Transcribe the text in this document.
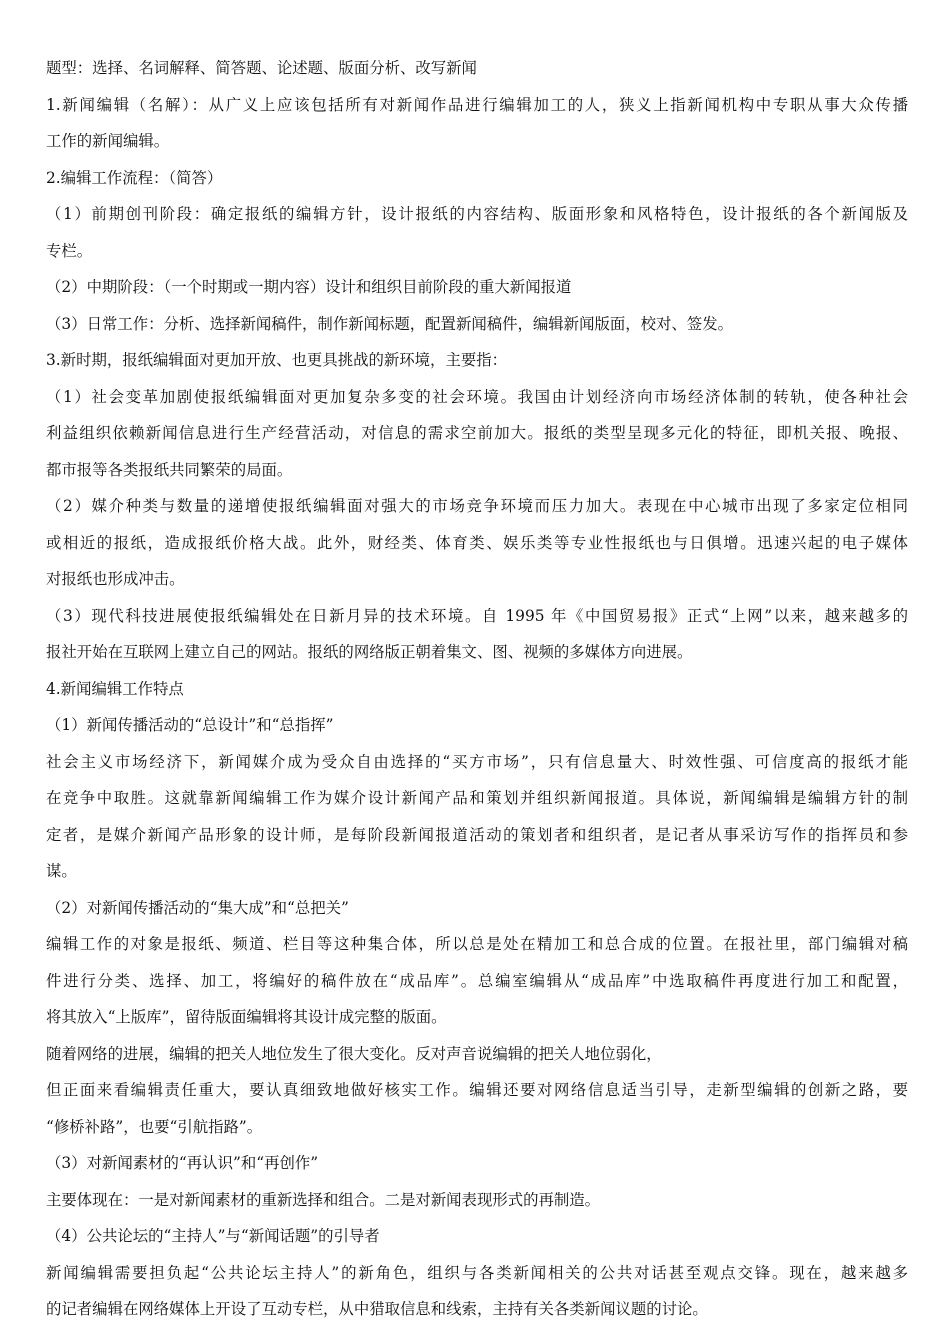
题型：选择、名词解释、简答题、论述题、版面分析、改写新闻

1.新闻编辑（名解）：从广义上应该包括所有对新闻作品进行编辑加工的人，狭义上指新闻机构中专职从事大众传播

工作的新闻编辑。

2.编辑工作流程：（简答）

（1）前期创刊阶段：确定报纸的编辑方针，设计报纸的内容结构、版面形象和风格特色，设计报纸的各个新闻版及

专栏。

（2）中期阶段：（一个时期或一期内容）设计和组织目前阶段的重大新闻报道

（3）日常工作：分析、选择新闻稿件，制作新闻标题，配置新闻稿件，编辑新闻版面，校对、签发。

3.新时期，报纸编辑面对更加开放、也更具挑战的新环境，主要指：

（1）社会变革加剧使报纸编辑面对更加复杂多变的社会环境。我国由计划经济向市场经济体制的转轨，使各种社会

利益组织依赖新闻信息进行生产经营活动，对信息的需求空前加大。报纸的类型呈现多元化的特征，即机关报、晚报、

都市报等各类报纸共同繁荣的局面。

（2）媒介种类与数量的递增使报纸编辑面对强大的市场竞争环境而压力加大。表现在中心城市出现了多家定位相同

或相近的报纸，造成报纸价格大战。此外，财经类、体育类、娱乐类等专业性报纸也与日俱增。迅速兴起的电子媒体

对报纸也形成冲击。

（3）现代科技进展使报纸编辑处在日新月异的技术环境。自 1995 年《中国贸易报》正式“上网”以来，越来越多的

报社开始在互联网上建立自己的网站。报纸的网络版正朝着集文、图、视频的多媒体方向进展。

4.新闻编辑工作特点

（1）新闻传播活动的“总设计”和“总指挥”

社会主义市场经济下，新闻媒介成为受众自由选择的“买方市场”，只有信息量大、时效性强、可信度高的报纸才能

在竞争中取胜。这就靠新闻编辑工作为媒介设计新闻产品和策划并组织新闻报道。具体说，新闻编辑是编辑方针的制

定者，是媒介新闻产品形象的设计师，是每阶段新闻报道活动的策划者和组织者，是记者从事采访写作的指挥员和参

谋。

（2）对新闻传播活动的“集大成”和“总把关”

编辑工作的对象是报纸、频道、栏目等这种集合体，所以总是处在精加工和总合成的位置。在报社里，部门编辑对稿

件进行分类、选择、加工，将编好的稿件放在“成品库”。总编室编辑从“成品库”中选取稿件再度进行加工和配置，

将其放入“上版库”，留待版面编辑将其设计成完整的版面。

随着网络的进展，编辑的把关人地位发生了很大变化。反对声音说编辑的把关人地位弱化，

但正面来看编辑责任重大，要认真细致地做好核实工作。编辑还要对网络信息适当引导，走新型编辑的创新之路，要

“修桥补路”，也要“引航指路”。

（3）对新闻素材的“再认识”和“再创作”

主要体现在：一是对新闻素材的重新选择和组合。二是对新闻表现形式的再制造。

（4）公共论坛的“主持人”与“新闻话题”的引导者

新闻编辑需要担负起“公共论坛主持人”的新角色，组织与各类新闻相关的公共对话甚至观点交锋。现在，越来越多

的记者编辑在网络媒体上开设了互动专栏，从中猎取信息和线索，主持有关各类新闻议题的讨论。
